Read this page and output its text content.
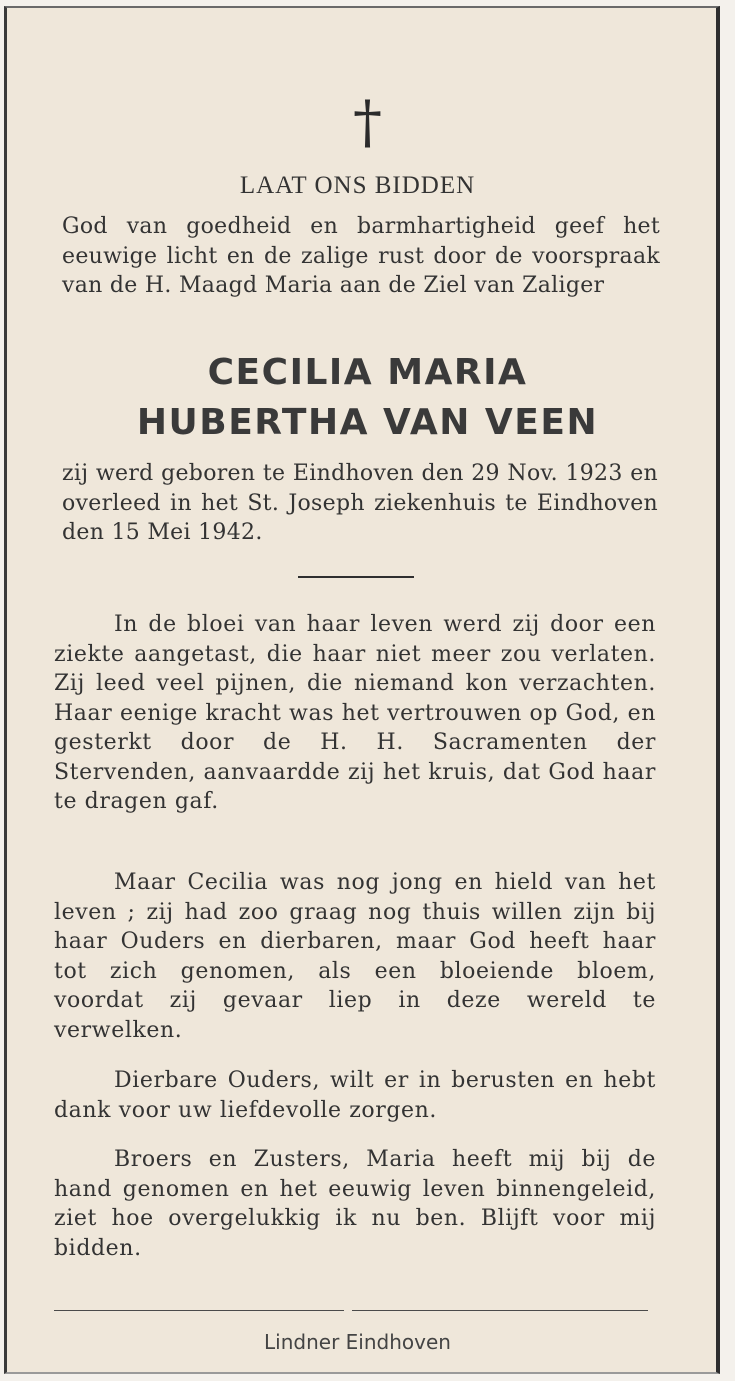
†
LAAT ONS BIDDEN
God van goedheid en barmhartigheid geef het eeuwige licht en de zalige rust door de voorspraak van de H. Maagd Maria aan de Ziel van Zaliger
CECILIA MARIA
HUBERTHA VAN VEEN
zij werd geboren te Eindhoven den 29 Nov. 1923 en overleed in het St. Joseph ziekenhuis te Eindhoven den 15 Mei 1942.
In de bloei van haar leven werd zij door een ziekte aangetast, die haar niet meer zou verlaten. Zij leed veel pijnen, die niemand kon verzachten. Haar eenige kracht was het vertrouwen op God, en gesterkt door de H. H. Sacramenten der Stervenden, aanvaardde zij het kruis, dat God haar te dragen gaf.
Maar Cecilia was nog jong en hield van het leven ; zij had zoo graag nog thuis willen zijn bij haar Ouders en dierbaren, maar God heeft haar tot zich genomen, als een bloeiende bloem, voordat zij gevaar liep in deze wereld te verwelken.
Dierbare Ouders, wilt er in berusten en hebt dank voor uw liefdevolle zorgen.
Broers en Zusters, Maria heeft mij bij de hand genomen en het eeuwig leven binnengeleid, ziet hoe overgelukkig ik nu ben. Blijft voor mij bidden.
Lindner Eindhoven
